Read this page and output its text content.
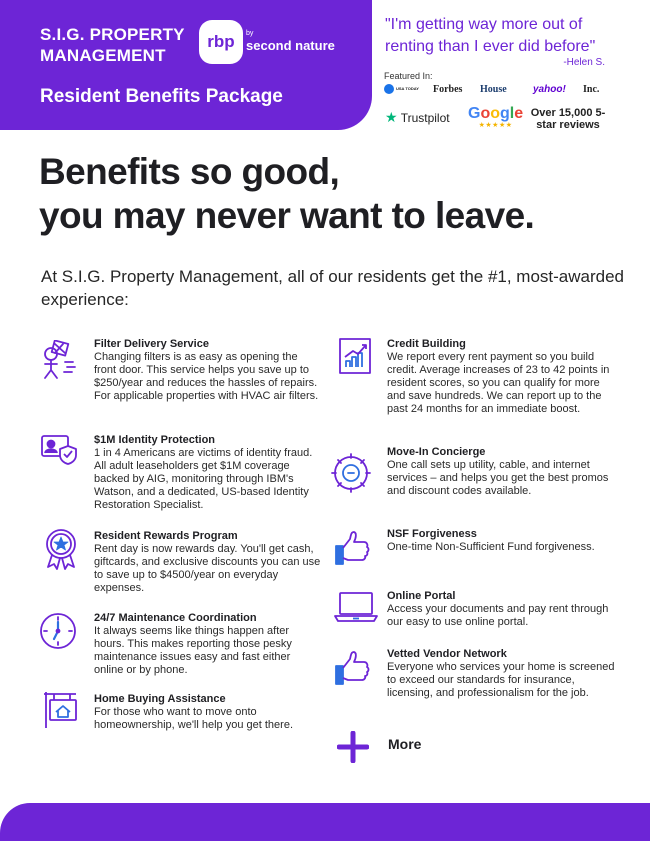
S.I.G. PROPERTY MANAGEMENT
rbp by
second nature
Resident Benefits Package
"I'm getting way more out of renting than I ever did before"
-Helen S.
Featured In:
USA TODAY Forbes House	yahoo! Inc.
★ Trustpilot Google
★★★★★
Over 15,000 5-star reviews
Benefits so good,
you may never want to leave.
At S.I.G. Property Management, all of our residents get the #1, most-awarded experience:
Filter Delivery Service
Changing filters is as easy as opening the front door. This service helps you save up to $250/year and reduces the hassles of repairs. For applicable properties with HVAC air filters.
$1M Identity Protection
1 in 4 Americans are victims of identity fraud. All adult leaseholders get $1M coverage backed by AIG, monitoring through IBM's Watson, and a dedicated, US-based Identity Restoration Specialist.
Resident Rewards Program
Rent day is now rewards day. You'll get cash, giftcards, and exclusive discounts you can use to save up to $4500/year on everyday expenses.
24/7 Maintenance Coordination
It always seems like things happen after hours. This makes reporting those pesky maintenance issues easy and fast either online or by phone.
Home Buying Assistance
For those who want to move onto homeownership, we'll help you get there.
Credit Building
We report every rent payment so you build credit. Average increases of 23 to 42 points in resident scores, so you can qualify for more and save hundreds. We can report up to the past 24 months for an immediate boost.
Move-In Concierge
One call sets up utility, cable, and internet services – and helps you get the best promos and discount codes available.
NSF Forgiveness
One-time Non-Sufficient Fund forgiveness.
Online Portal
Access your documents and pay rent through our easy to use online portal.
Vetted Vendor Network
Everyone who services your home is screened to exceed our standards for insurance, licensing, and professionalism for the job.
More
